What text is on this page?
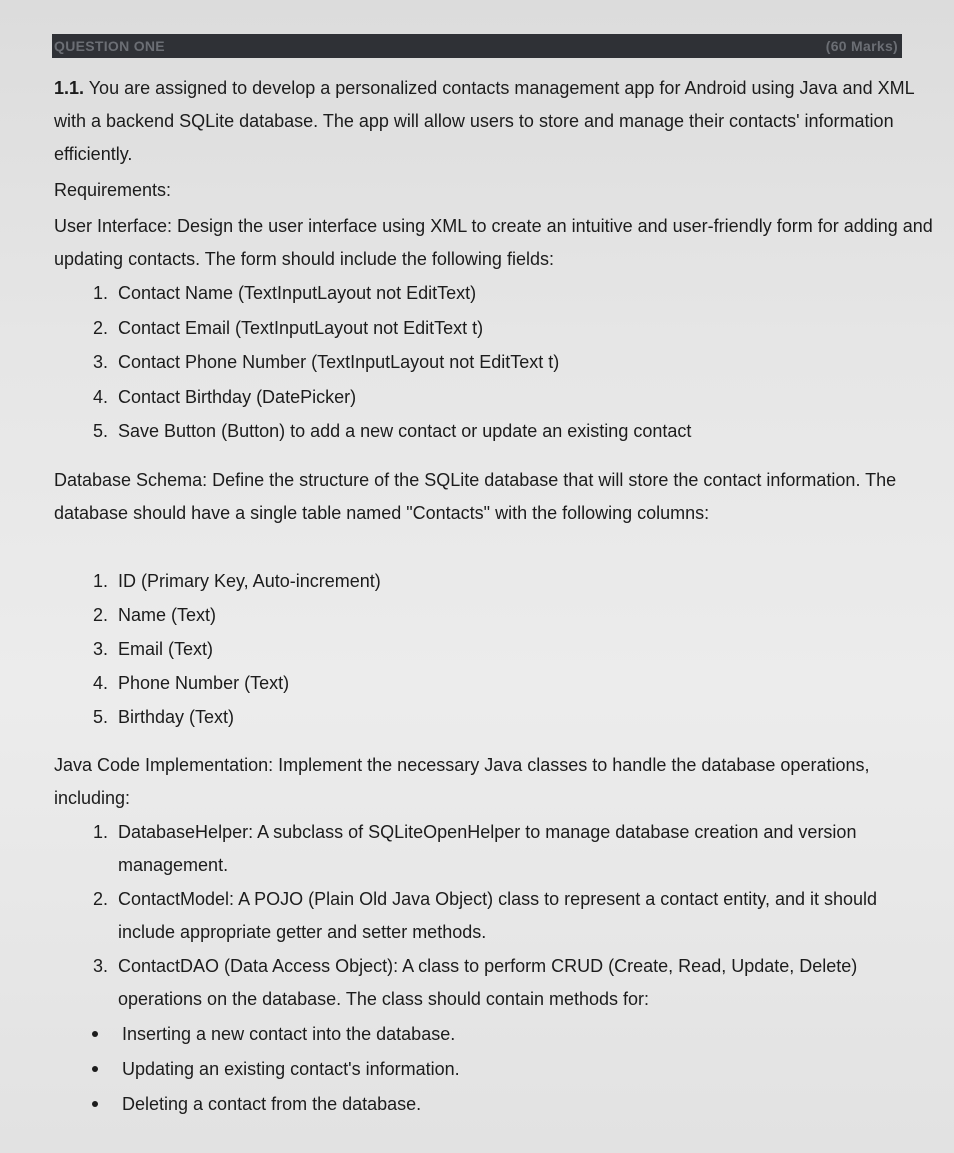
QUESTION ONE	(60 Marks)

1.1. You are assigned to develop a personalized contacts management app for Android using Java and XML with a backend SQLite database. The app will allow users to store and manage their contacts' information efficiently.

Requirements:

User Interface: Design the user interface using XML to create an intuitive and user-friendly form for adding and updating contacts. The form should include the following fields:

1. Contact Name (TextInputLayout not EditText)
2. Contact Email (TextInputLayout not EditText t)
3. Contact Phone Number (TextInputLayout not EditText t)
4. Contact Birthday (DatePicker)
5. Save Button (Button) to add a new contact or update an existing contact

Database Schema: Define the structure of the SQLite database that will store the contact information. The database should have a single table named "Contacts" with the following columns:

1. ID (Primary Key, Auto-increment)
2. Name (Text)
3. Email (Text)
4. Phone Number (Text)
5. Birthday (Text)

Java Code Implementation: Implement the necessary Java classes to handle the database operations, including:

1. DatabaseHelper: A subclass of SQLiteOpenHelper to manage database creation and version management.
2. ContactModel: A POJO (Plain Old Java Object) class to represent a contact entity, and it should include appropriate getter and setter methods.
3. ContactDAO (Data Access Object): A class to perform CRUD (Create, Read, Update, Delete) operations on the database. The class should contain methods for:
Inserting a new contact into the database.
Updating an existing contact's information.
Deleting a contact from the database.
